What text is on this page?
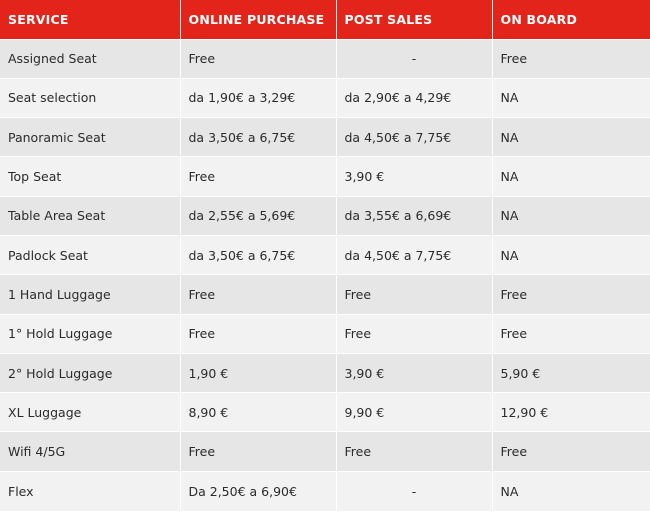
SERVICE	ONLINE PURCHASE	POST SALES	ON BOARD
Assigned Seat	Free	-	Free
Seat selection	da 1,90€ a 3,29€	da 2,90€ a 4,29€	NA
Panoramic Seat	da 3,50€ a 6,75€	da 4,50€ a 7,75€	NA
Top Seat	Free	3,90 €	NA
Table Area Seat	da 2,55€ a 5,69€	da 3,55€ a 6,69€	NA
Padlock Seat	da 3,50€ a 6,75€	da 4,50€ a 7,75€	NA
1 Hand Luggage	Free	Free	Free
1° Hold Luggage	Free	Free	Free
2° Hold Luggage	1,90 €	3,90 €	5,90 €
XL Luggage	8,90 €	9,90 €	12,90 €
Wifi 4/5G	Free	Free	Free
Flex	Da 2,50€ a 6,90€	-	NA
